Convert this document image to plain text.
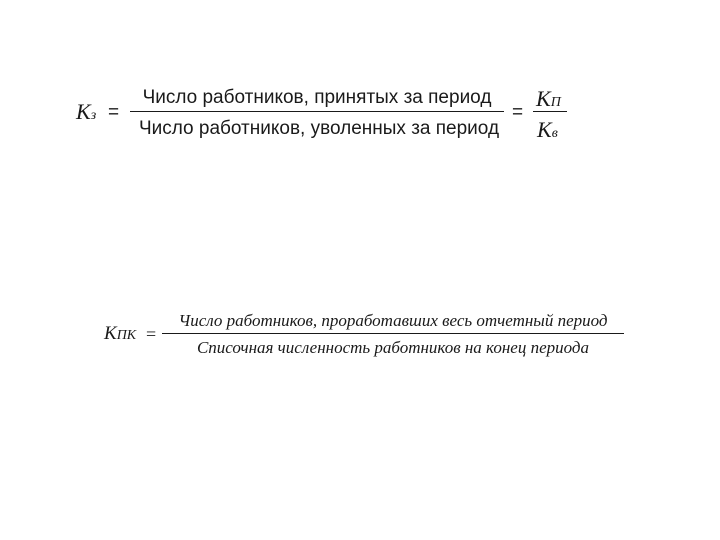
Kз =
Число работников, принятых за период
Число работников, уволенных за период
=
KП
Kв
KПК =
Число работников, проработавших весь отчетный период
Списочная численность работников на конец периода
